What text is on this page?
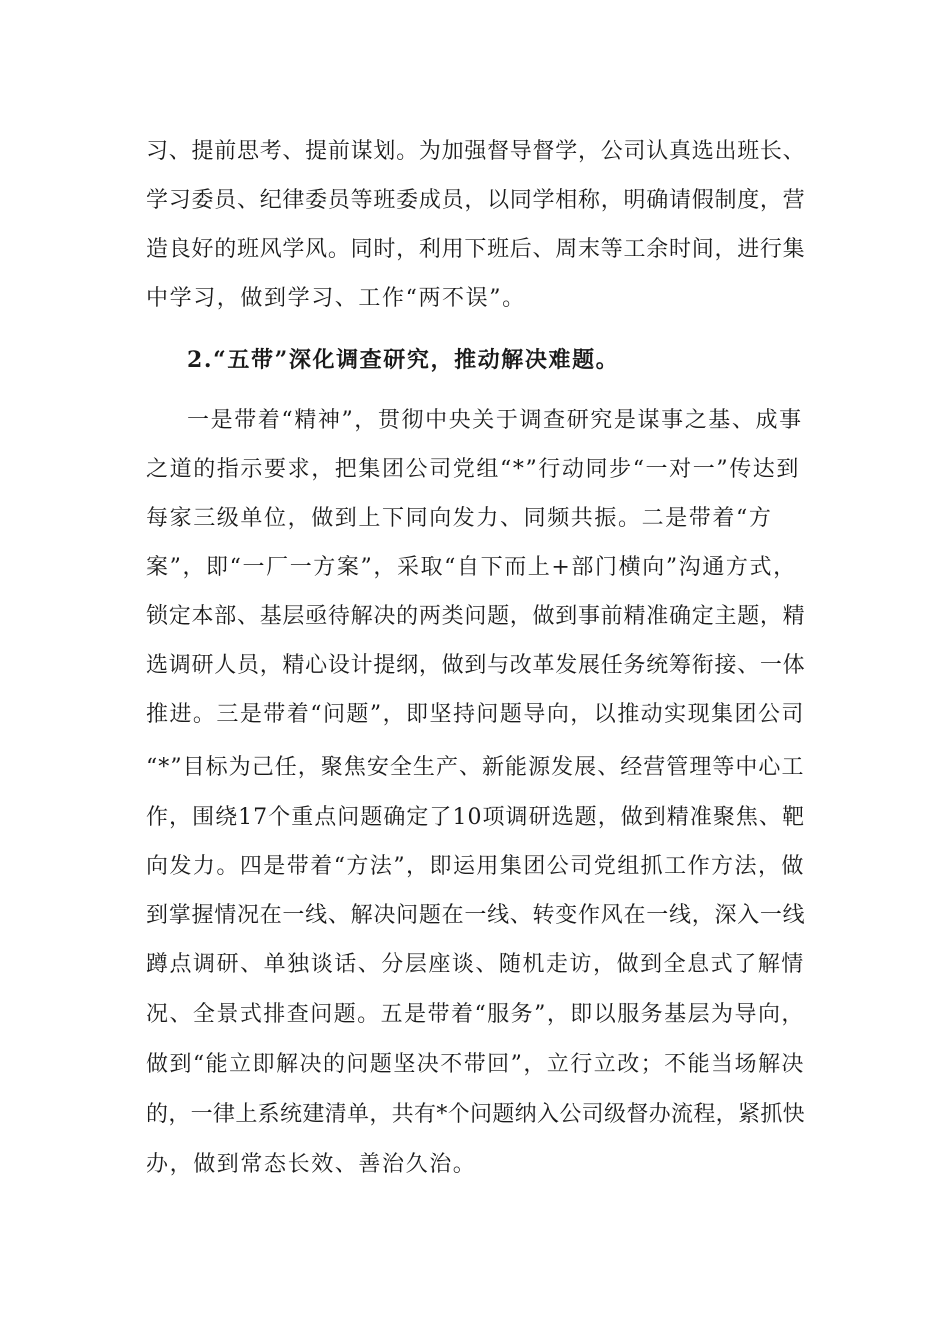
习、提前思考、提前谋划。为加强督导督学，公司认真选出班长、
学习委员、纪律委员等班委成员，以同学相称，明确请假制度，营
造良好的班风学风。同时，利用下班后、周末等工余时间，进行集
中学习，做到学习、工作“两不误”。
2.“五带”深化调查研究，推动解决难题。
一是带着“精神”，贯彻中央关于调查研究是谋事之基、成事
之道的指示要求，把集团公司党组“*”行动同步“一对一”传达到
每家三级单位，做到上下同向发力、同频共振。二是带着“方
案”，即“一厂一方案”，采取“自下而上+部门横向”沟通方式，
锁定本部、基层亟待解决的两类问题，做到事前精准确定主题，精
选调研人员，精心设计提纲，做到与改革发展任务统筹衔接、一体
推进。三是带着“问题”，即坚持问题导向，以推动实现集团公司
“*”目标为己任，聚焦安全生产、新能源发展、经营管理等中心工
作，围绕17个重点问题确定了10项调研选题，做到精准聚焦、靶
向发力。四是带着“方法”，即运用集团公司党组抓工作方法，做
到掌握情况在一线、解决问题在一线、转变作风在一线，深入一线
蹲点调研、单独谈话、分层座谈、随机走访，做到全息式了解情
况、全景式排查问题。五是带着“服务”，即以服务基层为导向，
做到“能立即解决的问题坚决不带回”，立行立改；不能当场解决
的，一律上系统建清单，共有*个问题纳入公司级督办流程，紧抓快
办，做到常态长效、善治久治。
